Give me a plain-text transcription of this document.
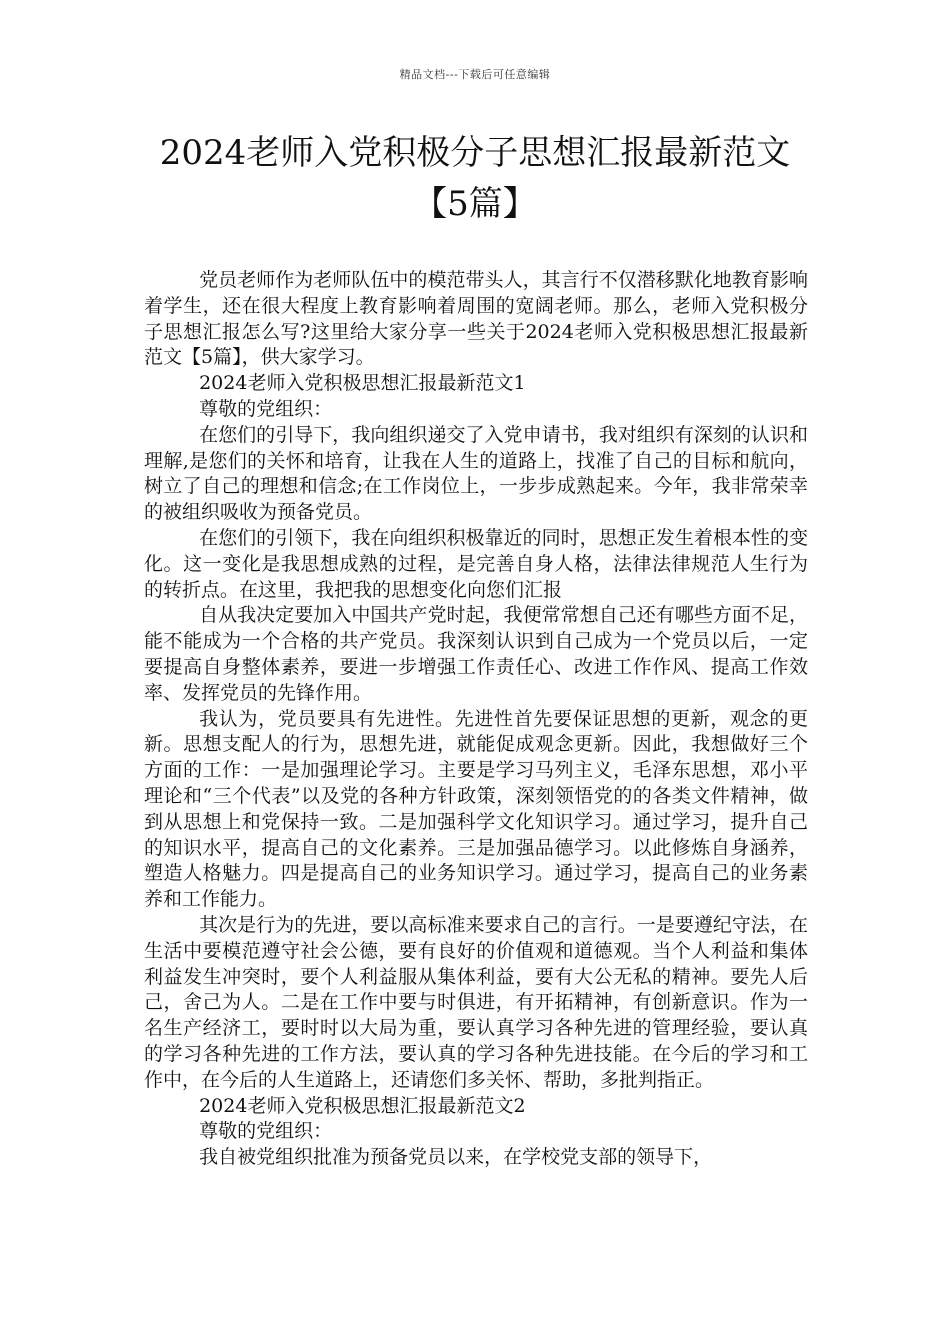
精品文档---下载后可任意编辑
2024老师入党积极分子思想汇报最新范文
【5篇】

党员老师作为老师队伍中的模范带头人，其言行不仅潜移默化地教育影响着学生，还在很大程度上教育影响着周围的宽阔老师。那么，老师入党积极分子思想汇报怎么写?这里给大家分享一些关于2024老师入党积极思想汇报最新范文【5篇】，供大家学习。

2024老师入党积极思想汇报最新范文1

尊敬的党组织：

在您们的引导下，我向组织递交了入党申请书，我对组织有深刻的认识和理解,是您们的关怀和培育，让我在人生的道路上，找准了自己的目标和航向，树立了自己的理想和信念;在工作岗位上，一步步成熟起来。今年，我非常荣幸的被组织吸收为预备党员。

在您们的引领下，我在向组织积极靠近的同时，思想正发生着根本性的变化。这一变化是我思想成熟的过程，是完善自身人格，法律法律规范人生行为的转折点。在这里，我把我的思想变化向您们汇报

自从我决定要加入中国共产党时起，我便常常想自己还有哪些方面不足，能不能成为一个合格的共产党员。我深刻认识到自己成为一个党员以后，一定要提高自身整体素养，要进一步增强工作责任心、改进工作作风、提高工作效率、发挥党员的先锋作用。

我认为，党员要具有先进性。先进性首先要保证思想的更新，观念的更新。思想支配人的行为，思想先进，就能促成观念更新。因此，我想做好三个方面的工作：一是加强理论学习。主要是学习马列主义，毛泽东思想，邓小平理论和“三个代表”以及党的各种方针政策，深刻领悟党的的各类文件精神，做到从思想上和党保持一致。二是加强科学文化知识学习。通过学习，提升自己的知识水平，提高自己的文化素养。三是加强品德学习。以此修炼自身涵养，塑造人格魅力。四是提高自己的业务知识学习。通过学习，提高自己的业务素养和工作能力。

其次是行为的先进，要以高标准来要求自己的言行。一是要遵纪守法，在生活中要模范遵守社会公德，要有良好的价值观和道德观。当个人利益和集体利益发生冲突时，要个人利益服从集体利益，要有大公无私的精神。要先人后己，舍己为人。二是在工作中要与时俱进，有开拓精神，有创新意识。作为一名生产经济工，要时时以大局为重，要认真学习各种先进的管理经验，要认真的学习各种先进的工作方法，要认真的学习各种先进技能。在今后的学习和工作中，在今后的人生道路上，还请您们多关怀、帮助，多批判指正。

2024老师入党积极思想汇报最新范文2

尊敬的党组织：

我自被党组织批准为预备党员以来，在学校党支部的领导下，
